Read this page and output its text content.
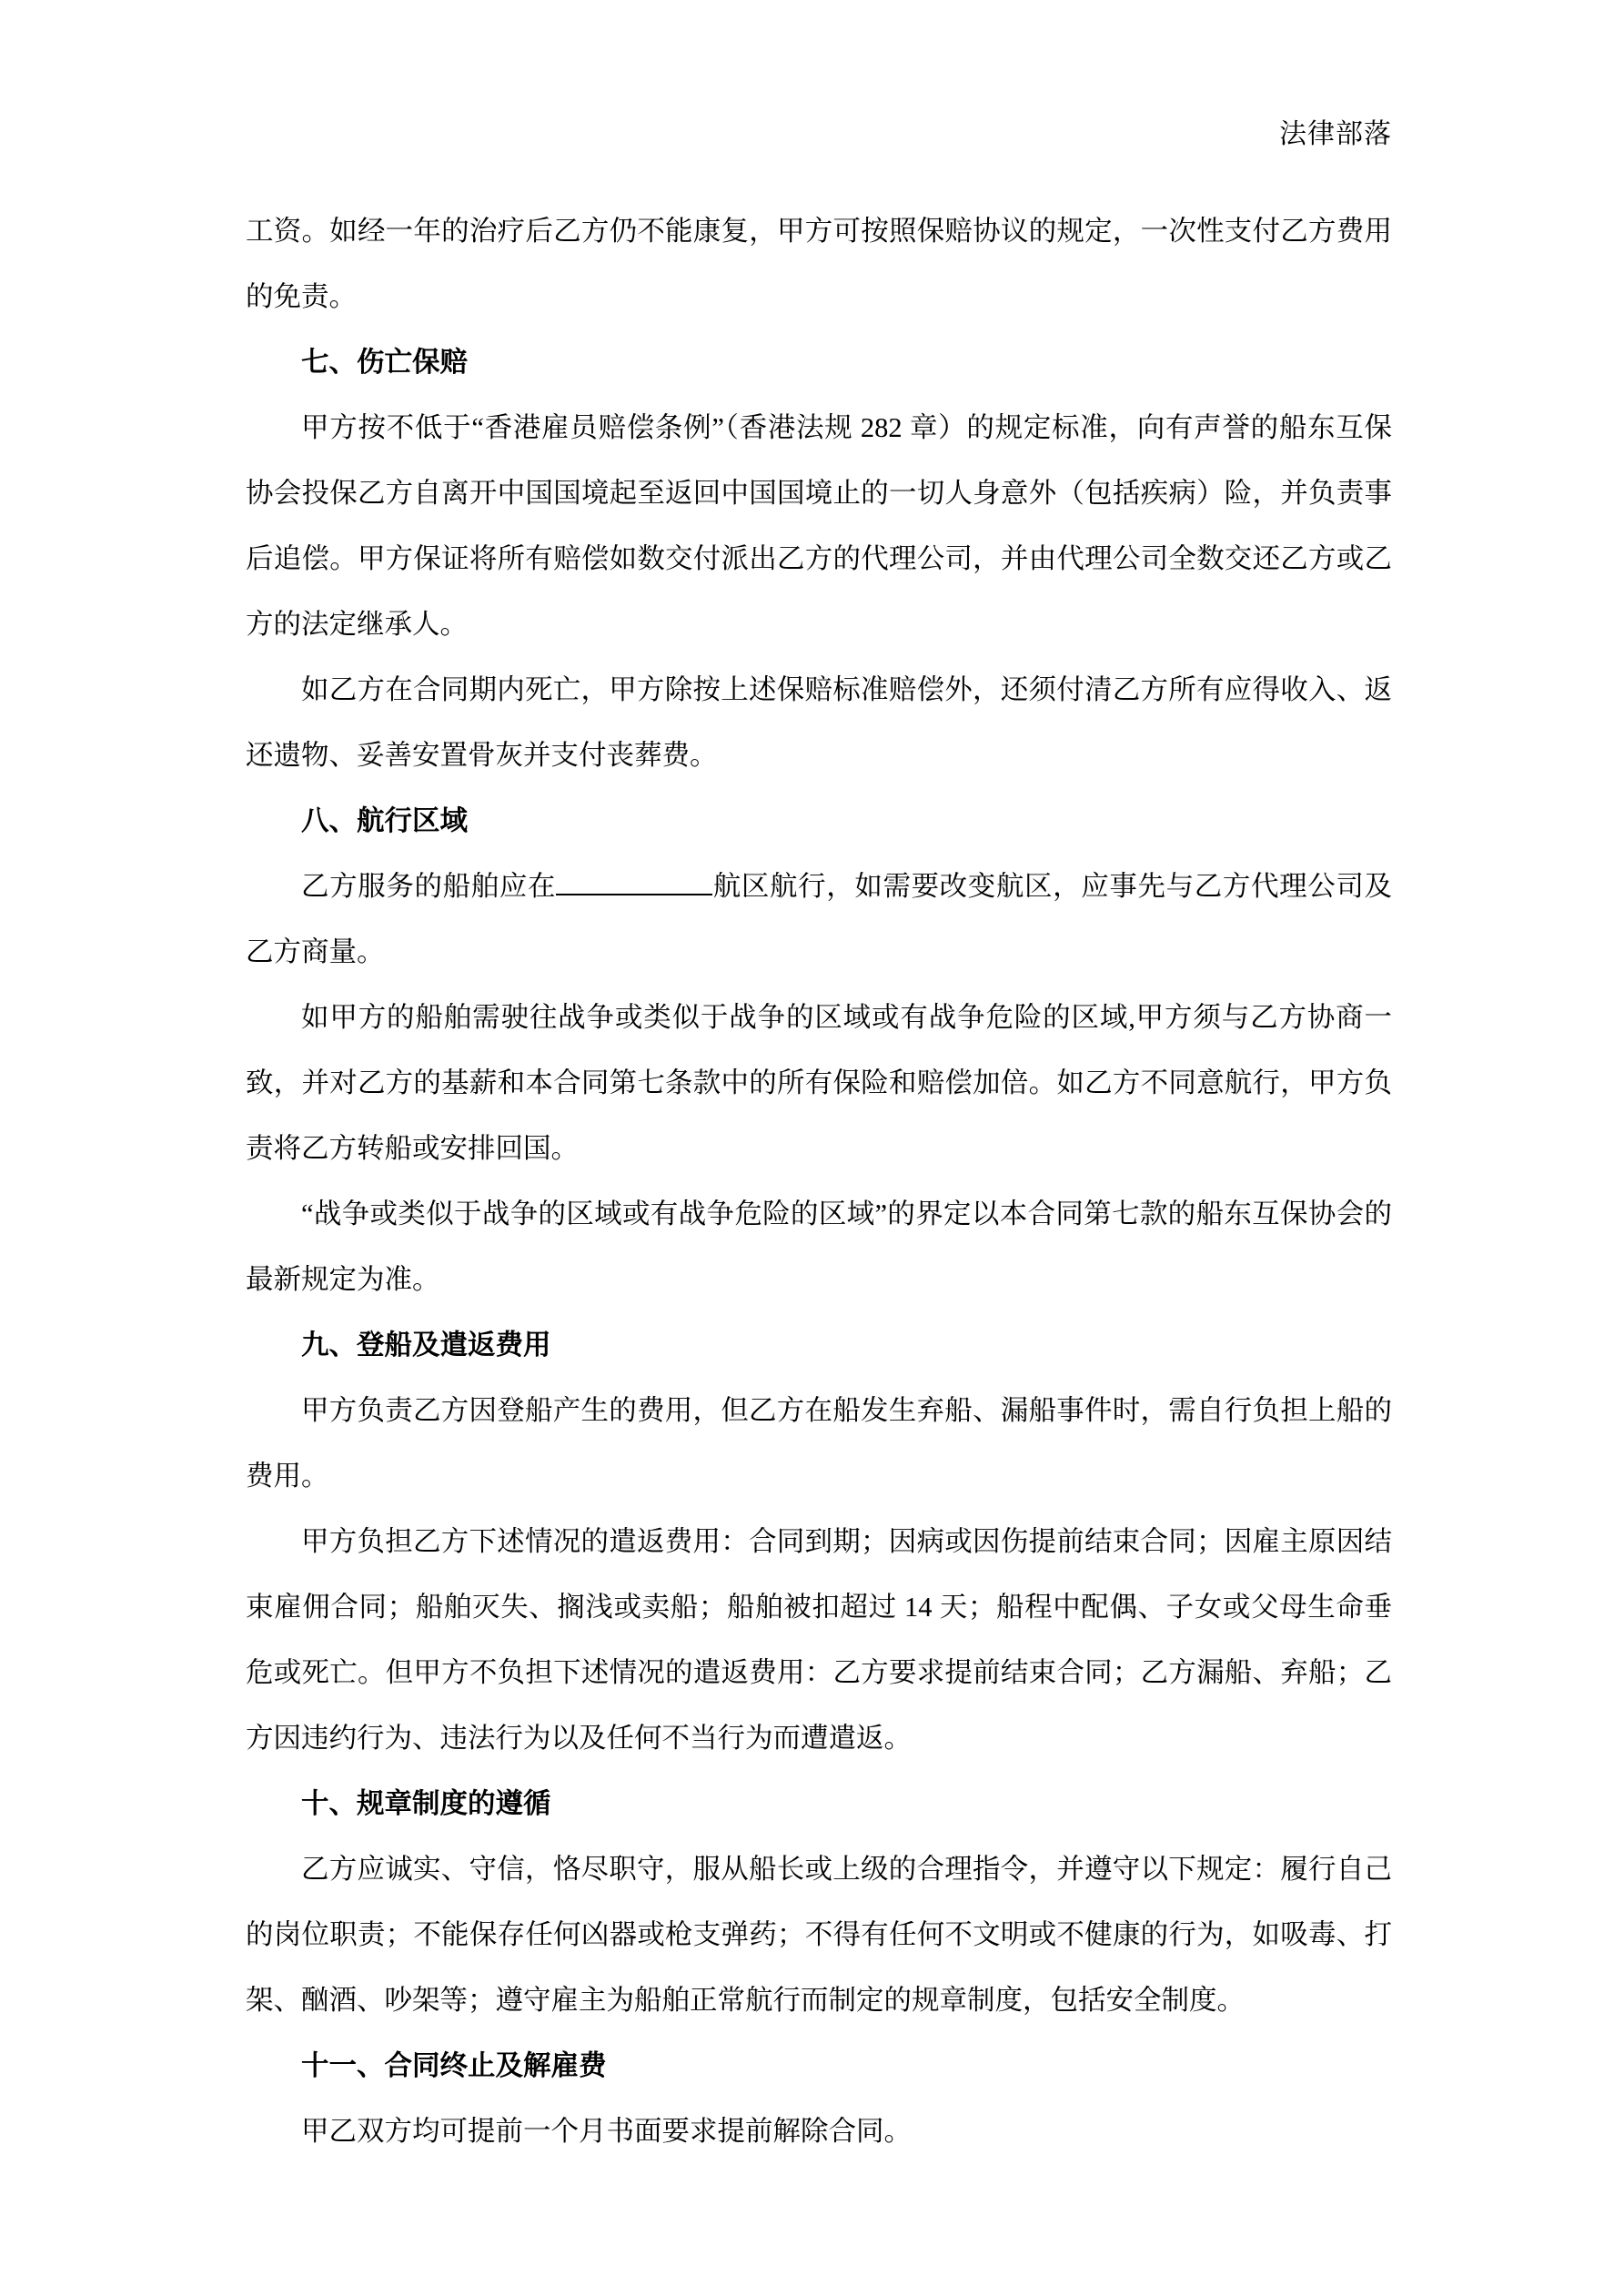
法律部落
工资。如经一年的治疗后乙方仍不能康复，甲方可按照保赔协议的规定，一次性支付乙方费用的免责。
七、伤亡保赔
甲方按不低于“香港雇员赔偿条例”（香港法规 282 章）的规定标准，向有声誉的船东互保协会投保乙方自离开中国国境起至返回中国国境止的一切人身意外（包括疾病）险，并负责事后追偿。甲方保证将所有赔偿如数交付派出乙方的代理公司，并由代理公司全数交还乙方或乙方的法定继承人。
如乙方在合同期内死亡，甲方除按上述保赔标准赔偿外，还须付清乙方所有应得收入、返还遗物、妥善安置骨灰并支付丧葬费。
八、航行区域
乙方服务的船舶应在	航区航行，如需要改变航区，应事先与乙方代理公司及乙方商量。
如甲方的船舶需驶往战争或类似于战争的区域或有战争危险的区域,甲方须与乙方协商一致，并对乙方的基薪和本合同第七条款中的所有保险和赔偿加倍。如乙方不同意航行，甲方负责将乙方转船或安排回国。
“战争或类似于战争的区域或有战争危险的区域”的界定以本合同第七款的船东互保协会的最新规定为准。
九、登船及遣返费用
甲方负责乙方因登船产生的费用，但乙方在船发生弃船、漏船事件时，需自行负担上船的费用。
甲方负担乙方下述情况的遣返费用：合同到期；因病或因伤提前结束合同；因雇主原因结束雇佣合同；船舶灭失、搁浅或卖船；船舶被扣超过 14 天；船程中配偶、子女或父母生命垂危或死亡。但甲方不负担下述情况的遣返费用：乙方要求提前结束合同；乙方漏船、弃船；乙方因违约行为、违法行为以及任何不当行为而遭遣返。
十、规章制度的遵循
乙方应诚实、守信，恪尽职守，服从船长或上级的合理指令，并遵守以下规定：履行自己的岗位职责；不能保存任何凶器或枪支弹药；不得有任何不文明或不健康的行为，如吸毒、打架、酗酒、吵架等；遵守雇主为船舶正常航行而制定的规章制度，包括安全制度。
十一、合同终止及解雇费
甲乙双方均可提前一个月书面要求提前解除合同。
